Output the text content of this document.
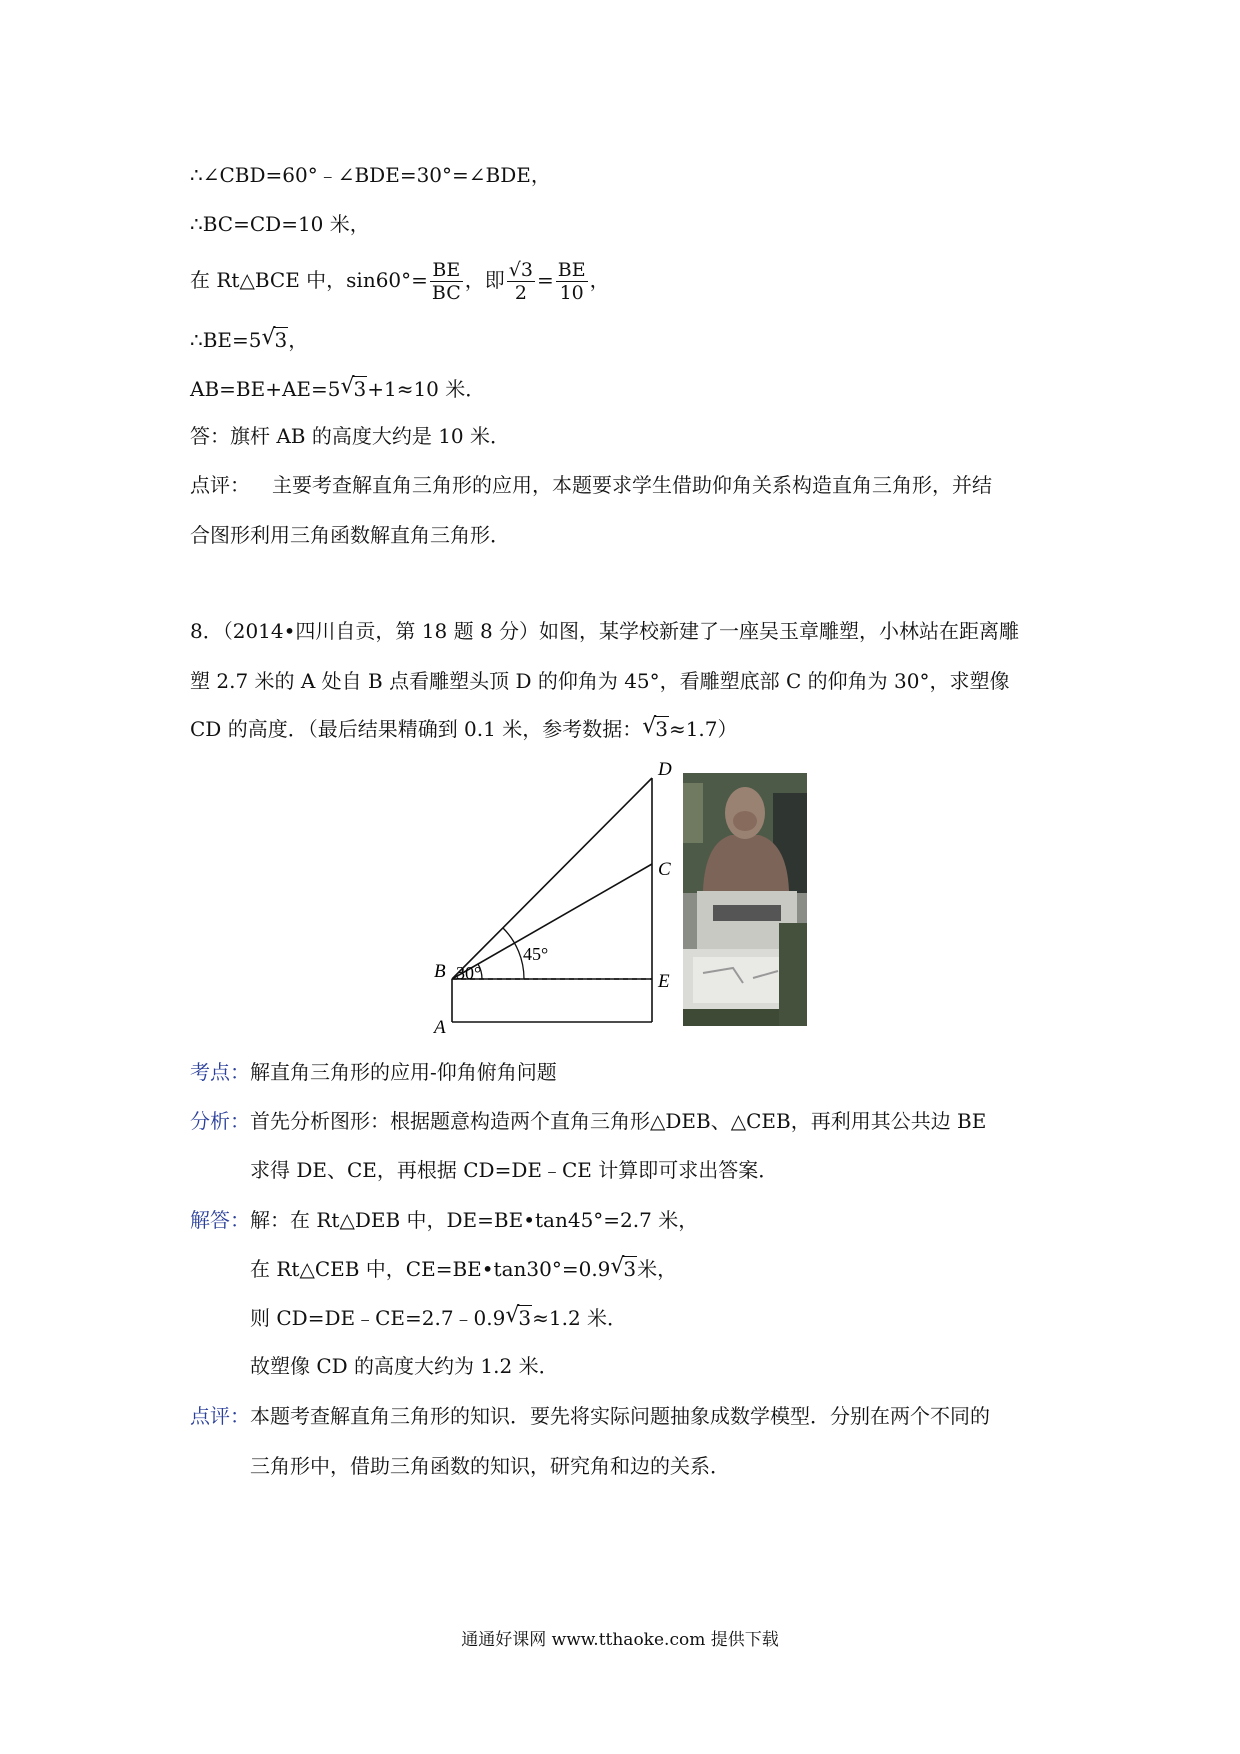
∴∠CBD=60°﹣∠BDE=30°=∠BDE，
∴BC=CD=10 米，
在 Rt△BCE 中，$\sin 60^\circ= \frac{BE}{BC}$ ，即 $\frac{√3}{2} = \frac{BE}{10}$ ，
∴BE=5 √ 3，
AB=BE+AE=5 √ 3+1≈10 米．
答：旗杆 AB 的高度大约是 10 米．
点评： 主要考查解直角三角形的应用，本题要求学生借助仰角关系构造直角三角形，并结
合图形利用三角函数解直角三角形．
8．（2014•四川自贡，第 18 题 8 分）如图，某学校新建了一座吴玉章雕塑，小林站在距离雕
塑 2.7 米的 A 处自 B 点看雕塑头顶 D 的仰角为 45°，看雕塑底部 C 的仰角为 30°，求塑像
CD 的高度．（最后结果精确到 0.1 米，参考数据： √ 3≈1.7）
30°
45°
D
C
E
B
A
考点：解直角三角形的应用-仰角俯角问题
分析：首先分析图形：根据题意构造两个直角三角形△DEB、△CEB，再利用其公共边 BE
求得 DE、CE，再根据 CD=DE﹣CE 计算即可求出答案．
解答：解：在 Rt△DEB 中，DE=BE•tan45°=2.7 米，
在 Rt△CEB 中，CE=BE•tan30°=0.9 √ 3米，
则 CD=DE﹣CE=2.7﹣0.9 √ 3≈1.2 米．
故塑像 CD 的高度大约为 1.2 米．
点评：本题考查解直角三角形的知识．要先将实际问题抽象成数学模型．分别在两个不同的
三角形中，借助三角函数的知识，研究角和边的关系．
通通好课网 www.tthaoke.com 提供下载
